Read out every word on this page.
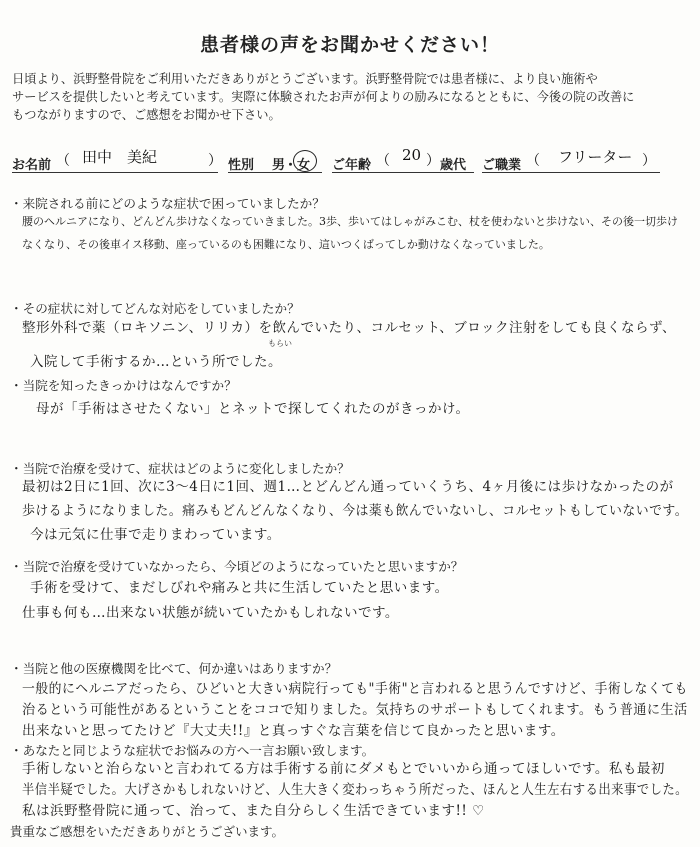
患者様の声をお聞かせください！
日頃より、浜野整骨院をご利用いただきありがとうございます。浜野整骨院では患者様に、より良い施術や
サービスを提供したいと考えています。実際に体験されたお声が何よりの励みになるとともに、今後の院の改善に
もつながりますので、ご感想をお聞かせ下さい。
お名前 （ 田中　美紀	） 性別 男
・ 女 ご年齢 （ 20 ） 歳代 ご職業 （ フリーター ）
・来院される前にどのような症状で困っていましたか？
腰のヘルニアになり、どんどん歩けなくなっていきました。3歩、歩いてはしゃがみこむ、杖を使わないと歩けない、その後一切歩け
なくなり、その後車イス移動、座っているのも困難になり、這いつくばってしか動けなくなっていました。
・その症状に対してどんな対応をしていましたか？
整形外科で薬（ロキソニン、リリカ）を飲んでいたり、コルセット、ブロック注射をしても良くならず、
もらい
入院して手術するか…という所でした。
・当院を知ったきっかけはなんですか？
母が「手術はさせたくない」とネットで探してくれたのがきっかけ。
・当院で治療を受けて、症状はどのように変化しましたか？
最初は2日に1回、次に3〜4日に1回、週1…とどんどん通っていくうち、4ヶ月後には歩けなかったのが
歩けるようになりました。痛みもどんどんなくなり、今は薬も飲んでいないし、コルセットもしていないです。
今は元気に仕事で走りまわっています。
・当院で治療を受けていなかったら、今頃どのようになっていたと思いますか？
手術を受けて、まだしびれや痛みと共に生活していたと思います。
仕事も何も…出来ない状態が続いていたかもしれないです。
・当院と他の医療機関を比べて、何か違いはありますか？
一般的にヘルニアだったら、ひどいと大きい病院行っても"手術"と言われると思うんですけど、手術しなくても
治るという可能性があるということをココで知りました。気持ちのサポートもしてくれます。もう普通に生活
出来ないと思ってたけど『大丈夫!!』と真っすぐな言葉を信じて良かったと思います。
・あなたと同じような症状でお悩みの方へ一言お願い致します。
手術しないと治らないと言われてる方は手術する前にダメもとでいいから通ってほしいです。私も最初
半信半疑でした。大げさかもしれないけど、人生大きく変わっちゃう所だった、ほんと人生左右する出来事でした。
私は浜野整骨院に通って、治って、また自分らしく生活できています!! ♡
貴重なご感想をいただきありがとうございます。
